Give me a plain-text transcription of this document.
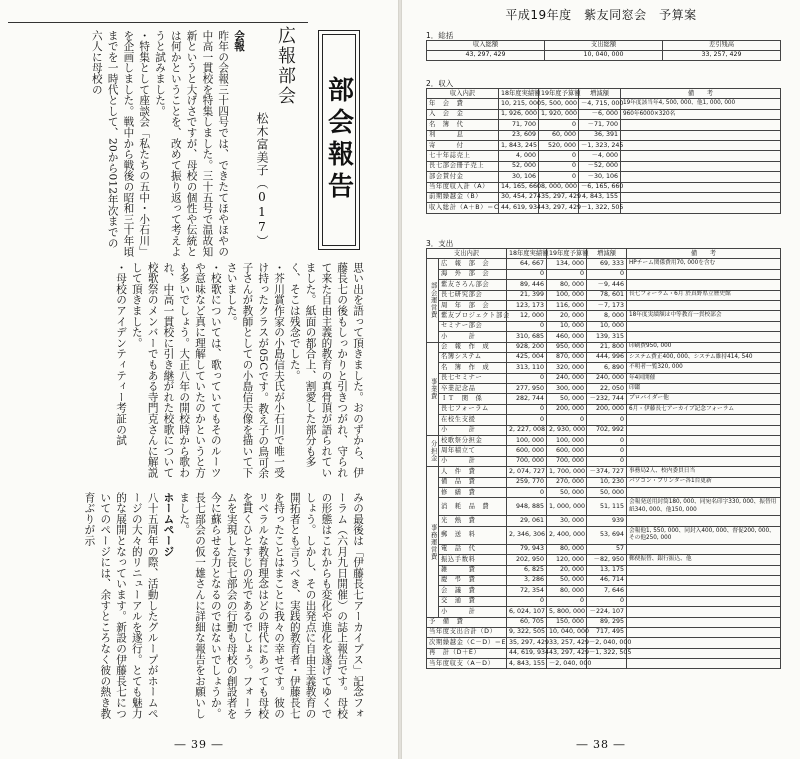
部会報告
広報部会
松木富美子（017）

会報

昨年の会報三十四号では、できたてほやほやの中高一貫校を特集しました。三十五号で温故知新というと大げさですが、母校の個性や伝統とは何かということを、改めて振り返って考えようと試みました。

・特集として座談会「私たちの五中・小石川」を企画しました。戦中から戦後の昭和三十年頃までを一時代として、20から012年次までの六人に母校の

思い出を語って頂きました。おのずから、伊藤長七の後もしっかりと引きつがれ、守られて来た自由主義的教育の真骨頂が語られていました。紙面の都合上、割愛した部分も多く、そこは残念でした。

・芥川賞作家の小島信夫氏が小石川で唯一受け持ったクラスが05Cです。教え子の鳥可余子さんが教師としての小島信夫像を描いて下さいました。

・校歌については、歌っていてもそのルーツや意味など真に理解していたのかというと方も多いでしょう。大正八年の開校時から歌われ、中高一貫校に引き継がれた校歌について校歌祭のメンバーでもある寺門克さんに解説して頂きました。

・母校のアイデンティティー考証の試

みの最後は「伊藤長七アーカイブス」記念フォーラム（六月九日開催）の誌上報告です。母校の形態はこれからも変化や進化を遂げてゆくでしょう。しかし、その出発点に自由主義教育の開拓者とも言うべき、実践的教育者・伊藤長七を持ったことはまことに我々の幸せです。彼のリベラルな教育理念はどの時代にあっても母校を貫くひとすじの光であるでしょう。フォーラムを実現した長七部会の行動も母校の創設者を今に蘇らせる力となるのではないでしょうか。長七部会の仮一雄さんに詳細な報告をお願いしました。

ホームページ

八十五周年の際、活動したグループがホームページの大々的リニューアルを遂行。とても魅力的な展開となっています。新設の伊藤長七についてのページには、余すところなく彼の熱き教育ぶりが示

― 39 ―
平成19年度　紫友同窓会　予算案
1．総括
収入総額	支出総額	差引残高
43, 297, 429	10, 040, 000	33, 257, 429
2．収入
収入内訳	18年度実績額	19年度予算額	増減額	備　　考
年　会　費	10, 215, 000	5, 500, 000	－4, 715, 000	19年度該当年4, 500, 000、他1, 000, 000
入　会　金	1, 926, 000	1, 920, 000	－6, 000	960年6000×320名
名　簿　代	71, 700	0	－71, 700	
利　　　息	23, 609	60, 000	36, 391	
寄　　　付	1, 843, 245	520, 000	－1, 323, 245	
七十年誌売上	4, 000	0	－4, 000	
長七部会冊子売上	52, 000	0	－52, 000	
部会賛付金	30, 106	0	－30, 106	
当年度収入計（A）	14, 165, 660	8, 000, 000	－6, 165, 660	
前期繰越金（B）	30, 454, 274	35, 297, 429	4, 843, 155	
収入総計（A＋B）＝C	44, 619, 934	43, 297, 429	－1, 322, 505	
3．支出
支出内訳		18年度実績額	19年度予算額	増減額	備　　考
部会運営費	広　報　部　会	64, 667	134, 000	69, 333	HPチーム関係費用70, 000を含む
	海　外　部　会	0	0	0	
	紫友さろん部会	89, 446	80, 000	－9, 446	
	長七研究部会	21, 399	100, 000	78, 601	長七フォーラム・6月 於真野県立歴史館
	周　年　部　会	123, 173	116, 000	－7, 173	
	紫友プロジェクト部会	12, 000	20, 000	8, 000	18年度実績額は中等教育一貫校部会
	セミナー部会	0	10, 000	10, 000	
	小　　　計	310, 685	460, 000	139, 315	
事業費	会　報　作　成	928, 200	950, 000	21, 800	印刷費950, 000
	名簿システム	425, 004	870, 000	444, 996	システム費正400, 000、システム維持414, 540
	名　簿　作　成	313, 110	320, 000	6, 890	不明者一覧320, 000
	長七セミナー	0	240, 000	240, 000	年4回開催
	卒業記念品	277, 950	300, 000	22, 050	印鑑
	ＩＴ　関　係	282, 744	50, 000	－232, 744	プロバイダー他
	長七フォーラム	0	200, 000	200, 000	6月・伊藤長七アーカイブ記念フォーラム
	在校生支援	0	0	0	
	小　　　計	2, 227, 008	2, 930, 000	702, 992	
分担金	校歌祭分担金	100, 000	100, 000	0	
	周年積立て	600, 000	600, 000	0	
	小　　　計	700, 000	700, 000	0	
事務運営費	人　件　費	2, 074, 727	1, 700, 000	－374, 727	事務局2人、校内委員日当
	備　品　費	259, 770	270, 000	10, 230	パソコン・プリンター各1台更新
	修　繕　費	0	50, 000	50, 000	
	消　耗　品　費	948, 885	1, 000, 000	51, 115	会報発送用封筒180, 000、同宛名印字330, 000、振替用紙340, 000、他150, 000
	光　熱　費	29, 061	30, 000	939	
	郵　送　料	2, 346, 306	2, 400, 000	53, 694	会報他1, 550, 000、同封入400, 000、督促200, 000、その他250, 000
	電　話　代	79, 943	80, 000	57	
	振込手数料	202, 950	120, 000	－82, 950	郵便振替、銀行振込、他
	雑　　　費	6, 825	20, 000	13, 175	
	慶　弔　費	3, 286	50, 000	46, 714	
	会　議　費	72, 354	80, 000	7, 646	
	交　通　費	0	0	0	
	小　　　計	6, 024, 107	5, 800, 000	－224, 107	
予　備　費		60, 705	150, 000	89, 295	
当年度支出合計（D）		9, 322, 505	10, 040, 000	717, 495	
次期繰越金（C－D）＝E		35, 297, 429	33, 257, 429	－2, 040, 000	
再　計（D＋E）		44, 619, 934	43, 297, 429	－1, 322, 505	
当年度収支（A－D）		4, 843, 155	－2, 040, 000		
― 38 ―
